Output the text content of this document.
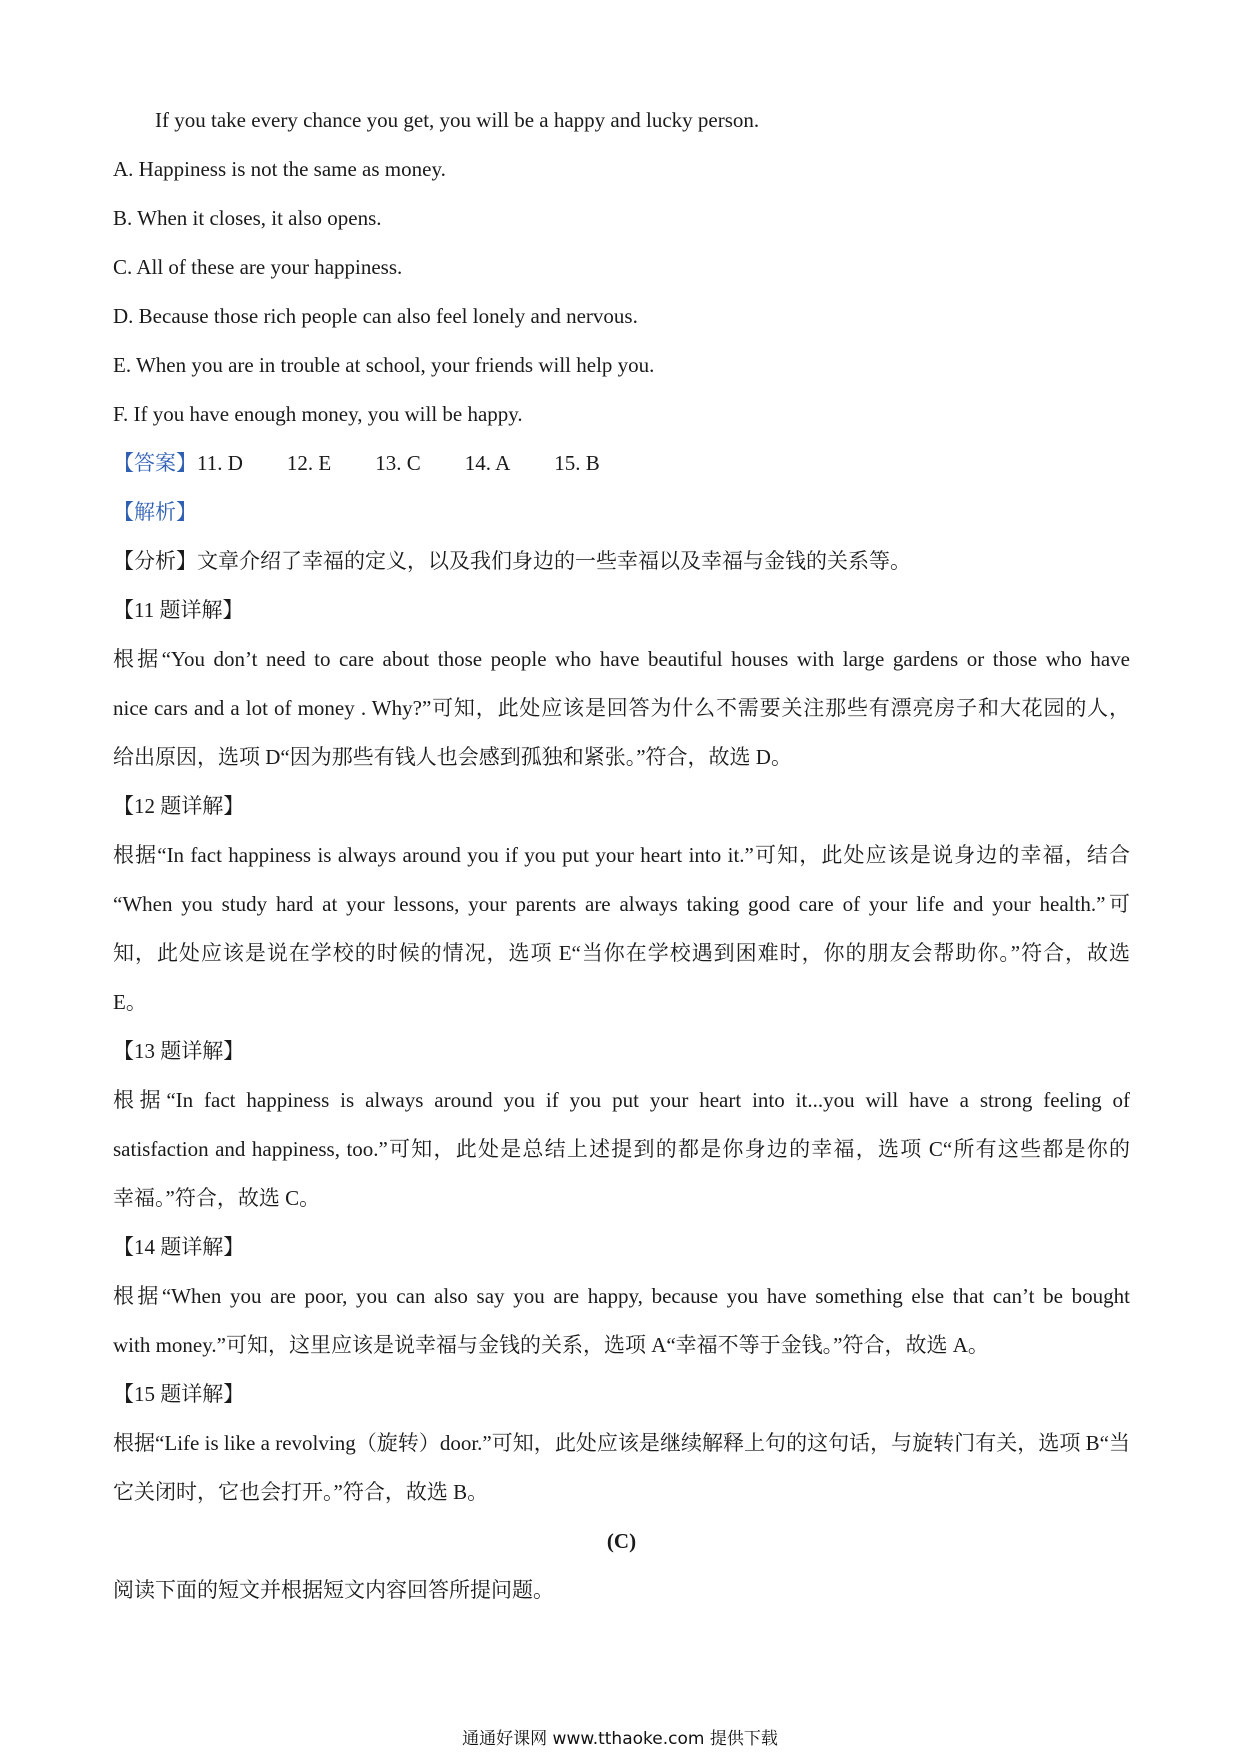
If you take every chance you get, you will be a happy and lucky person.
A. Happiness is not the same as money.
B. When it closes, it also opens.
C. All of these are your happiness.
D. Because those rich people can also feel lonely and nervous.
E. When you are in trouble at school, your friends will help you.
F. If you have enough money, you will be happy.
【答案】11. D 12. E 13. C 14. A 15. B
【解析】
【分析】文章介绍了幸福的定义，以及我们身边的一些幸福以及幸福与金钱的关系等。
【11 题详解】
根据“You don’t need to care about those people who have beautiful houses with large gardens or those who have
nice cars and a lot of money . Why?”可知，此处应该是回答为什么不需要关注那些有漂亮房子和大花园的人，
给出原因，选项 D“因为那些有钱人也会感到孤独和紧张。”符合，故选 D。
【12 题详解】
根据“In fact happiness is always around you if you put your heart into it.”可知，此处应该是说身边的幸福，结合
“When you study hard at your lessons, your parents are always taking good care of your life and your health.”可
知，此处应该是说在学校的时候的情况，选项 E“当你在学校遇到困难时，你的朋友会帮助你。”符合，故选
E。
【13 题详解】
根据“In fact happiness is always around you if you put your heart into it...you will have a strong feeling of
satisfaction and happiness, too.”可知，此处是总结上述提到的都是你身边的幸福，选项 C“所有这些都是你的
幸福。”符合，故选 C。
【14 题详解】
根据“When you are poor, you can also say you are happy, because you have something else that can’t be bought
with money.”可知，这里应该是说幸福与金钱的关系，选项 A“幸福不等于金钱。”符合，故选 A。
【15 题详解】
根据“Life is like a revolving（旋转）door.”可知，此处应该是继续解释上句的这句话，与旋转门有关，选项 B“当
它关闭时，它也会打开。”符合，故选 B。
(C)
阅读下面的短文并根据短文内容回答所提问题。
通通好课网 www.tthaoke.com 提供下载
